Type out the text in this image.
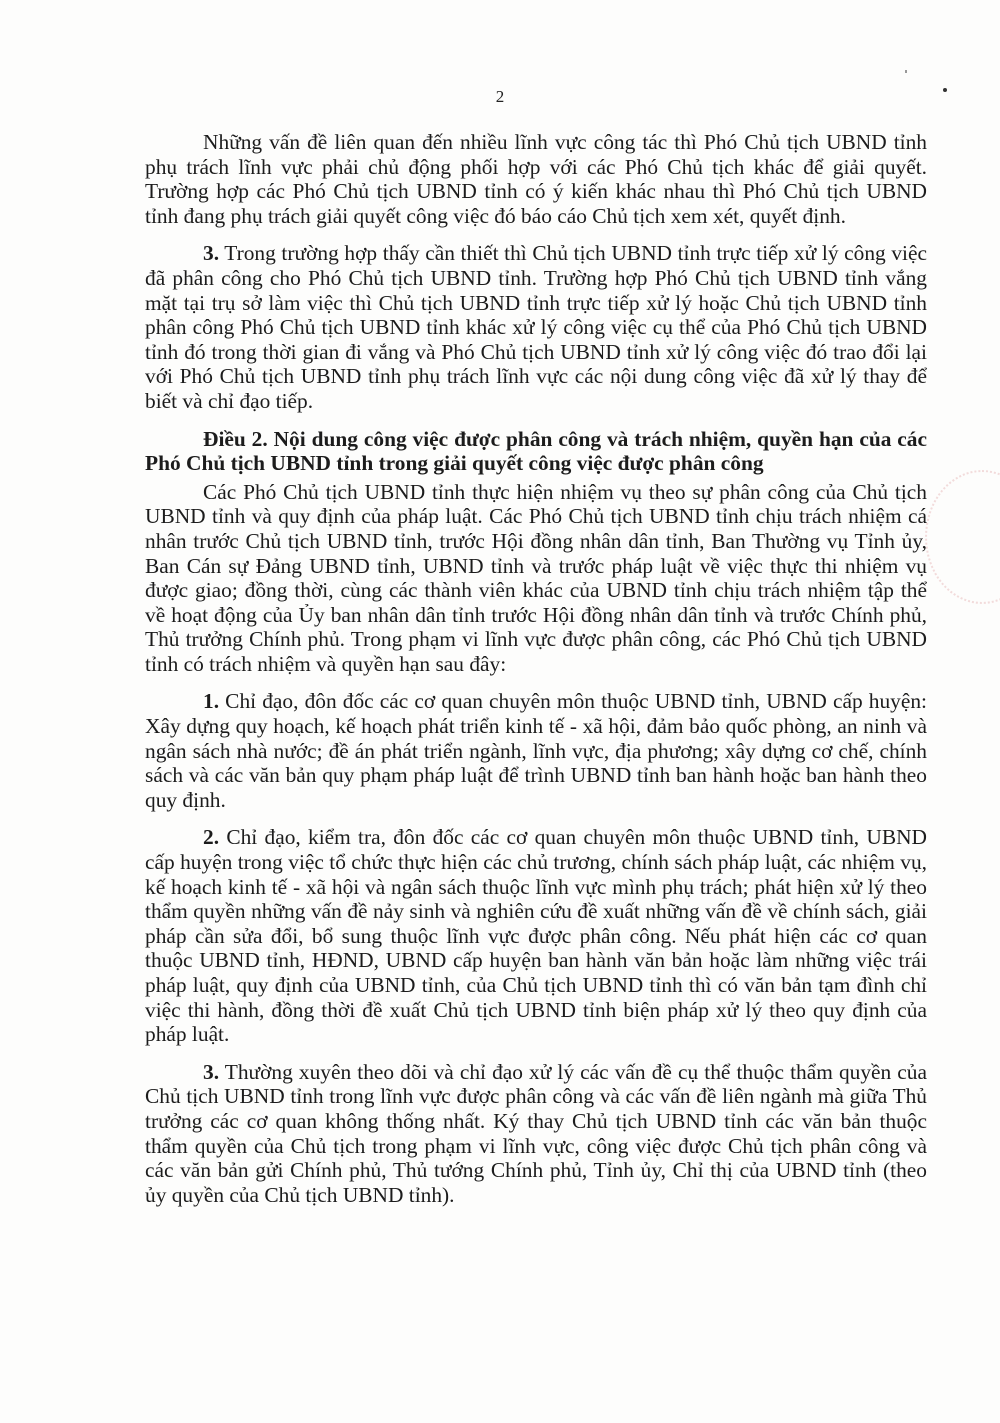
2

Những vấn đề liên quan đến nhiều lĩnh vực công tác thì Phó Chủ tịch UBND tỉnh phụ trách lĩnh vực phải chủ động phối hợp với các Phó Chủ tịch khác để giải quyết. Trường hợp các Phó Chủ tịch UBND tỉnh có ý kiến khác nhau thì Phó Chủ tịch UBND tỉnh đang phụ trách giải quyết công việc đó báo cáo Chủ tịch xem xét, quyết định.

3. Trong trường hợp thấy cần thiết thì Chủ tịch UBND tỉnh trực tiếp xử lý công việc đã phân công cho Phó Chủ tịch UBND tỉnh. Trường hợp Phó Chủ tịch UBND tỉnh vắng mặt tại trụ sở làm việc thì Chủ tịch UBND tỉnh trực tiếp xử lý hoặc Chủ tịch UBND tỉnh phân công Phó Chủ tịch UBND tỉnh khác xử lý công việc cụ thể của Phó Chủ tịch UBND tỉnh đó trong thời gian đi vắng và Phó Chủ tịch UBND tỉnh xử lý công việc đó trao đổi lại với Phó Chủ tịch UBND tỉnh phụ trách lĩnh vực các nội dung công việc đã xử lý thay để biết và chỉ đạo tiếp.

Điều 2. Nội dung công việc được phân công và trách nhiệm, quyền hạn của các Phó Chủ tịch UBND tỉnh trong giải quyết công việc được phân công

Các Phó Chủ tịch UBND tỉnh thực hiện nhiệm vụ theo sự phân công của Chủ tịch UBND tỉnh và quy định của pháp luật. Các Phó Chủ tịch UBND tỉnh chịu trách nhiệm cá nhân trước Chủ tịch UBND tỉnh, trước Hội đồng nhân dân tỉnh, Ban Thường vụ Tỉnh ủy, Ban Cán sự Đảng UBND tỉnh, UBND tỉnh và trước pháp luật về việc thực thi nhiệm vụ được giao; đồng thời, cùng các thành viên khác của UBND tỉnh chịu trách nhiệm tập thể về hoạt động của Ủy ban nhân dân tỉnh trước Hội đồng nhân dân tỉnh và trước Chính phủ, Thủ trưởng Chính phủ. Trong phạm vi lĩnh vực được phân công, các Phó Chủ tịch UBND tỉnh có trách nhiệm và quyền hạn sau đây:

1. Chỉ đạo, đôn đốc các cơ quan chuyên môn thuộc UBND tỉnh, UBND cấp huyện: Xây dựng quy hoạch, kế hoạch phát triển kinh tế - xã hội, đảm bảo quốc phòng, an ninh và ngân sách nhà nước; đề án phát triển ngành, lĩnh vực, địa phương; xây dựng cơ chế, chính sách và các văn bản quy phạm pháp luật để trình UBND tỉnh ban hành hoặc ban hành theo quy định.

2. Chỉ đạo, kiểm tra, đôn đốc các cơ quan chuyên môn thuộc UBND tỉnh, UBND cấp huyện trong việc tổ chức thực hiện các chủ trương, chính sách pháp luật, các nhiệm vụ, kế hoạch kinh tế - xã hội và ngân sách thuộc lĩnh vực mình phụ trách; phát hiện xử lý theo thẩm quyền những vấn đề nảy sinh và nghiên cứu đề xuất những vấn đề về chính sách, giải pháp cần sửa đổi, bổ sung thuộc lĩnh vực được phân công. Nếu phát hiện các cơ quan thuộc UBND tỉnh, HĐND, UBND cấp huyện ban hành văn bản hoặc làm những việc trái pháp luật, quy định của UBND tỉnh, của Chủ tịch UBND tỉnh thì có văn bản tạm đình chỉ việc thi hành, đồng thời đề xuất Chủ tịch UBND tỉnh biện pháp xử lý theo quy định của pháp luật.

3. Thường xuyên theo dõi và chỉ đạo xử lý các vấn đề cụ thể thuộc thẩm quyền của Chủ tịch UBND tỉnh trong lĩnh vực được phân công và các vấn đề liên ngành mà giữa Thủ trưởng các cơ quan không thống nhất. Ký thay Chủ tịch UBND tỉnh các văn bản thuộc thẩm quyền của Chủ tịch trong phạm vi lĩnh vực, công việc được Chủ tịch phân công và các văn bản gửi Chính phủ, Thủ tướng Chính phủ, Tỉnh ủy, Chỉ thị của UBND tỉnh (theo ủy quyền của Chủ tịch UBND tỉnh).
